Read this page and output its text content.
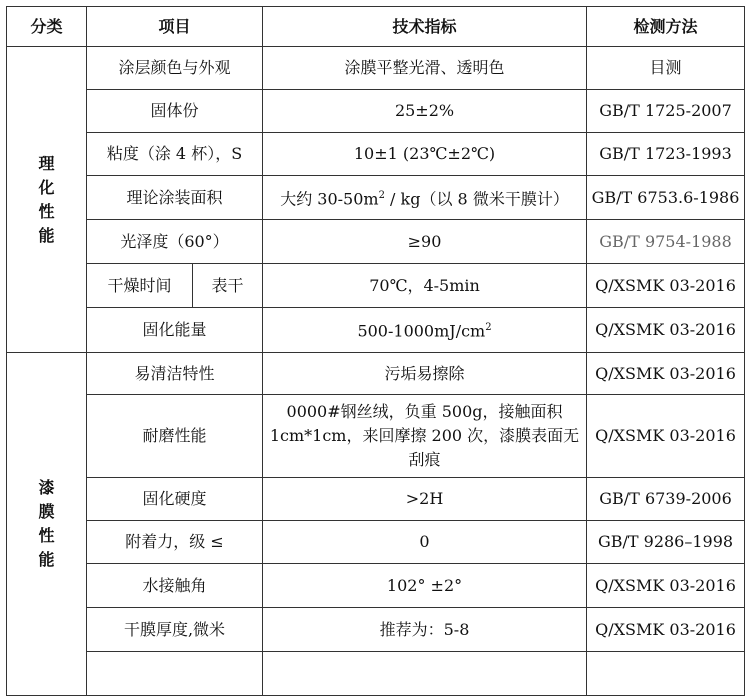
分类	项目		技术指标	检测方法

理
化
性
能	涂层颜色与外观		涂膜平整光滑、透明色	目测
	固体份		25±2%	GB/T 1725-2007
	粘度（涂 4 杯），S		10±1 (23℃±2℃)	GB/T 1723-1993
	理论涂装面积		大约 $30-50m^2 / kg$（以 8 微米干膜计）	GB/T 6753.6-1986
	光泽度（60°）		≥90	GB/T 9754-1988
	干燥时间	表干	70℃，4-5min	Q/XSMK 03-2016
	固化能量		$500-1000mJ/cm^2$	Q/XSMK 03-2016

漆
膜
性
能	易清洁特性		污垢易擦除	Q/XSMK 03-2016
	耐磨性能		0000#钢丝绒，负重 500g，接触面积 1cm*1cm，来回摩擦 200 次，漆膜表面无刮痕	Q/XSMK 03-2016
	固化硬度		>2H	GB/T 6739-2006
	附着力，级 ≤		0	GB/T 9286–1998
	水接触角		102° ±2°	Q/XSMK 03-2016
	干膜厚度,微米		推荐为：5-8	Q/XSMK 03-2016
